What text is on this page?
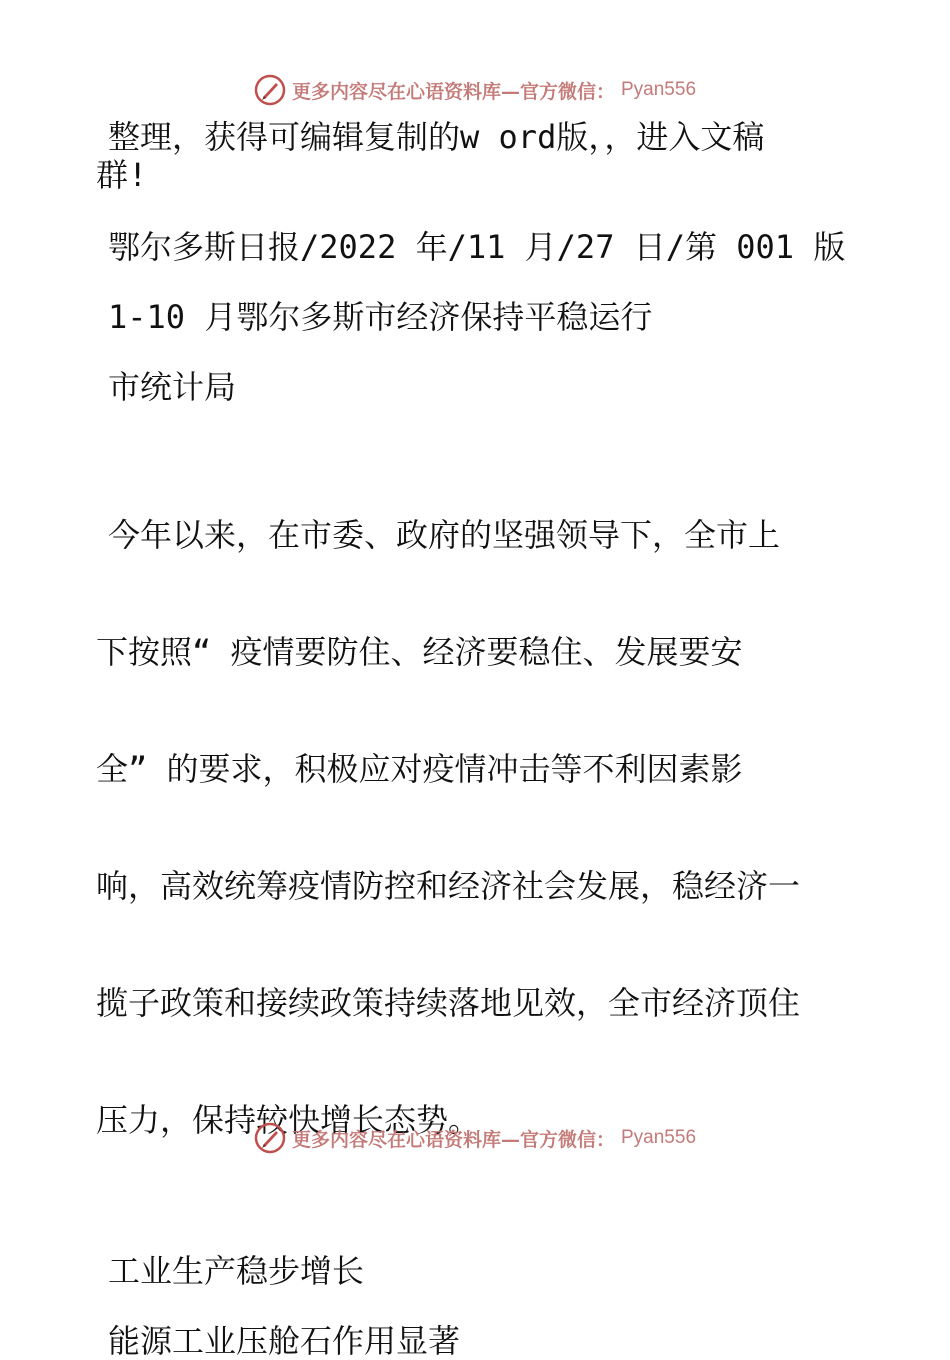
更多内容尽在心语资料库—官方微信： Pyan556

整理，获得可编辑复制的w ord版，，进入文稿

群!

鄂尔多斯日报/2022 年/11 月/27 日/第 001 版

1-10 月鄂尔多斯市经济保持平稳运行

市统计局

今年以来，在市委、政府的坚强领导下，全市上

下按照“ 疫情要防住、经济要稳住、发展要安

全” 的要求，积极应对疫情冲击等不利因素影

响，高效统筹疫情防控和经济社会发展，稳经济一

揽子政策和接续政策持续落地见效，全市经济顶住

压力，保持较快增长态势。

工业生产稳步增长

能源工业压舱石作用显著

更多内容尽在心语资料库—官方微信： Pyan556
